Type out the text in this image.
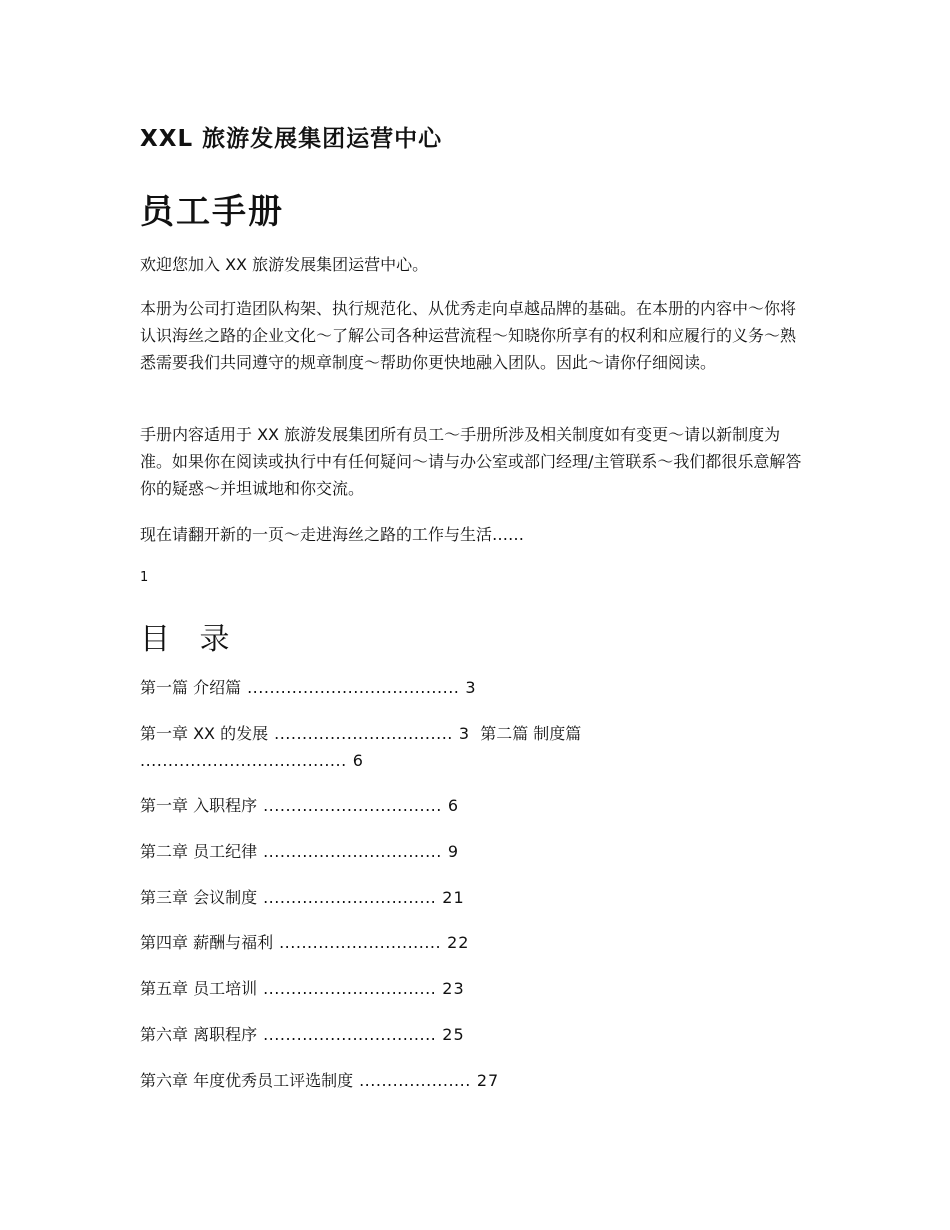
XXL 旅游发展集团运营中心
员工手册

欢迎您加入 XX 旅游发展集团运营中心。

本册为公司打造团队构架、执行规范化、从优秀走向卓越品牌的基础。在本册的内容中～你将认识海丝之路的企业文化～了解公司各种运营流程～知晓你所享有的权利和应履行的义务～熟悉需要我们共同遵守的规章制度～帮助你更快地融入团队。因此～请你仔细阅读。

手册内容适用于 XX 旅游发展集团所有员工～手册所涉及相关制度如有变更～请以新制度为准。如果你在阅读或执行中有任何疑问～请与办公室或部门经理/主管联系～我们都很乐意解答你的疑惑～并坦诚地和你交流。

现在请翻开新的一页～走进海丝之路的工作与生活……

1
目 录
第一篇 介绍篇 ...................................... 3
第一章 XX 的发展 ................................ 3 第二篇 制度篇
..................................... 6
第一章 入职程序 ................................ 6
第二章 员工纪律 ................................ 9
第三章 会议制度 ............................... 21
第四章 薪酬与福利 ............................. 22
第五章 员工培训 ............................... 23
第六章 离职程序 ............................... 25
第六章 年度优秀员工评选制度 .................... 27
